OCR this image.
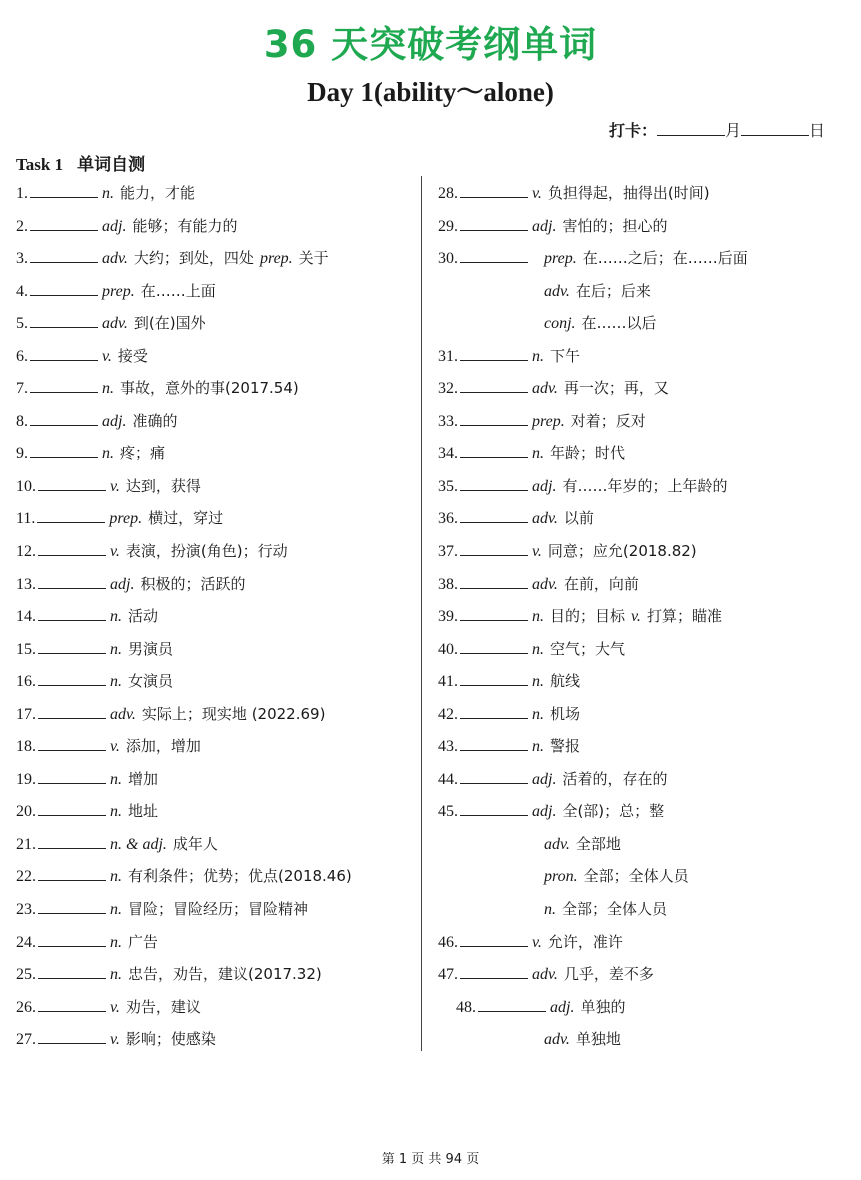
36 天突破考纲单词
Day 1(ability～alone)
打卡：	月	日
Task 1 单词自测
1.	n. 能力，才能
2.	adj. 能够；有能力的
3.	adv. 大约；到处，四处 prep. 关于
4.	prep. 在……上面
5.	adv. 到(在)国外
6.	v. 接受
7.	n. 事故，意外的事(2017.54)
8.	adj. 准确的
9.	n. 疼；痛
10.	v. 达到，获得
11.	prep. 横过，穿过
12.	v. 表演，扮演(角色)；行动
13.	adj. 积极的；活跃的
14.	n. 活动
15.	n. 男演员
16.	n. 女演员
17.	adv. 实际上；现实地 (2022.69)
18.	v. 添加，增加
19.	n. 增加
20.	n. 地址
21.	n. & adj. 成年人
22.	n. 有利条件；优势；优点(2018.46)
23.	n. 冒险；冒险经历；冒险精神
24.	n. 广告
25.	n. 忠告，劝告，建议(2017.32)
26.	v. 劝告，建议
27.	v. 影响；使感染
28.	v. 负担得起，抽得出(时间)
29.	adj. 害怕的；担心的
30.	prep. 在……之后；在……后面
adv. 在后；后来
conj. 在……以后
31.	n. 下午
32.	adv. 再一次；再，又
33.	prep. 对着；反对
34.	n. 年龄；时代
35.	adj. 有……年岁的；上年龄的
36.	adv. 以前
37.	v. 同意；应允(2018.82)
38.	adv. 在前，向前
39.	n. 目的；目标 v. 打算；瞄准
40.	n. 空气；大气
41.	n. 航线
42.	n. 机场
43.	n. 警报
44.	adj. 活着的，存在的
45.	adj. 全(部)；总；整
adv. 全部地
pron. 全部；全体人员
n. 全部；全体人员
46.	v. 允许，准许
47.	adv. 几乎，差不多
48.	adj. 单独的
adv. 单独地
第 1 页 共 94 页
